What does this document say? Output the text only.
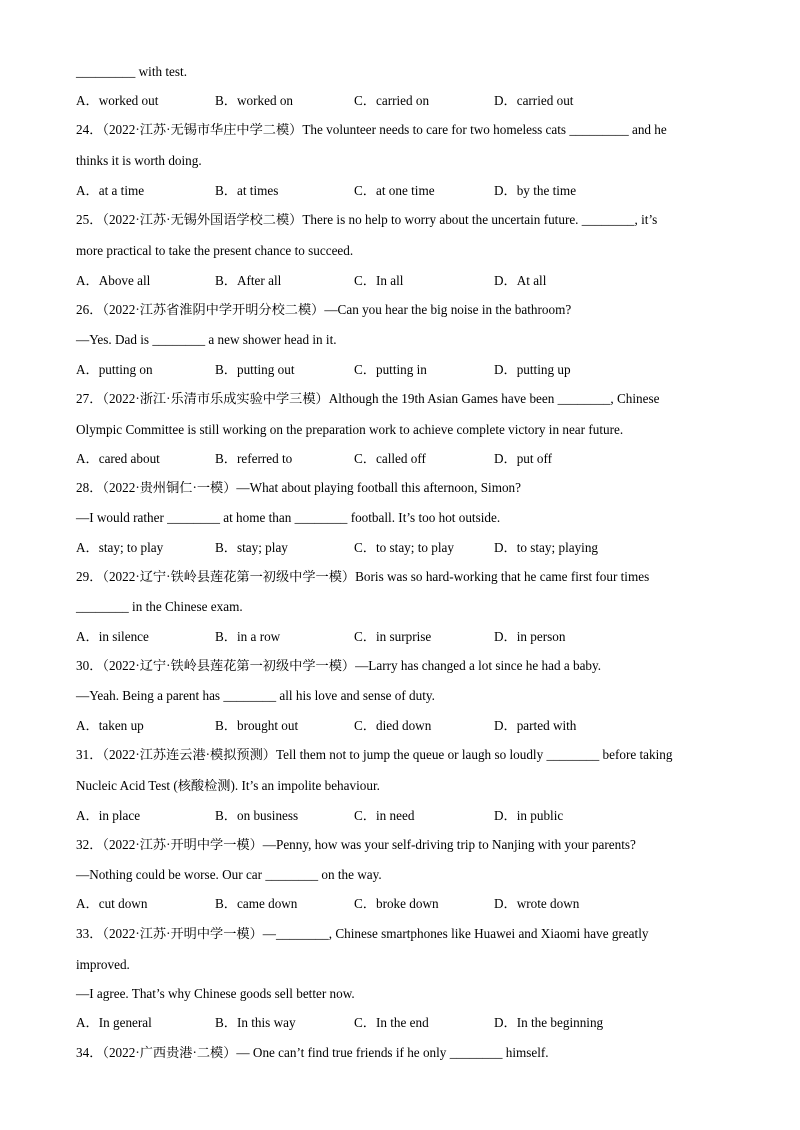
_________ with test.
A．worked out	B．worked on	C．carried on	D．carried out
24．（2022·江苏·无锡市华庄中学二模）The volunteer needs to care for two homeless cats _________ and he
thinks it is worth doing.
A．at a time	B．at times	C．at one time	D．by the time
25．（2022·江苏·无锡外国语学校二模）There is no help to worry about the uncertain future. ________, it’s
more practical to take the present chance to succeed.
A．Above all	B．After all	C．In all	D．At all
26．（2022·江苏省淮阴中学开明分校二模）—Can you hear the big noise in the bathroom?
—Yes. Dad is ________ a new shower head in it.
A．putting on	B．putting out	C．putting in	D．putting up
27．（2022·浙江·乐清市乐成实验中学三模）Although the 19th Asian Games have been ________, Chinese
Olympic Committee is still working on the preparation work to achieve complete victory in near future.
A．cared about	B．referred to	C．called off	D．put off
28．（2022·贵州铜仁·一模）—What about playing football this afternoon, Simon?
—I would rather ________ at home than ________ football. It’s too hot outside.
A．stay; to play	B．stay; play	C．to stay; to play	D．to stay; playing
29．（2022·辽宁·铁岭县莲花第一初级中学一模）Boris was so hard-working that he came first four times
________ in the Chinese exam.
A．in silence	B．in a row	C．in surprise	D．in person
30．（2022·辽宁·铁岭县莲花第一初级中学一模）—Larry has changed a lot since he had a baby.
—Yeah. Being a parent has ________ all his love and sense of duty.
A．taken up	B．brought out	C．died down	D．parted with
31．（2022·江苏连云港·模拟预测）Tell them not to jump the queue or laugh so loudly ________ before taking
Nucleic Acid Test (核酸检测). It’s an impolite behaviour.
A．in place	B．on business	C．in need	D．in public
32．（2022·江苏·开明中学一模）—Penny, how was your self-driving trip to Nanjing with your parents?
—Nothing could be worse. Our car ________ on the way.
A．cut down	B．came down	C．broke down	D．wrote down
33．（2022·江苏·开明中学一模）—________, Chinese smartphones like Huawei and Xiaomi have greatly
improved.
—I agree. That’s why Chinese goods sell better now.
A．In general	B．In this way	C．In the end	D．In the beginning
34．（2022·广西贵港·二模）— One can’t find true friends if he only ________ himself.
